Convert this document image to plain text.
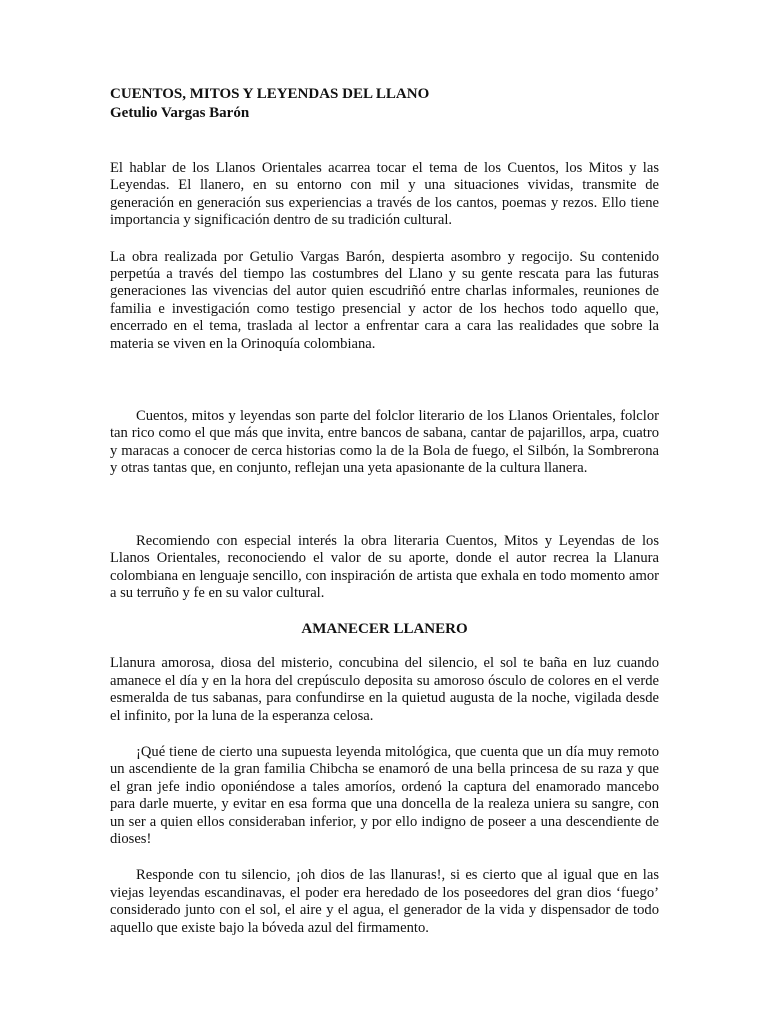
CUENTOS, MITOS Y LEYENDAS DEL LLANO

Getulio Vargas Barón

El hablar de los Llanos Orientales acarrea tocar el tema de los Cuentos, los Mitos y las Leyendas. El llanero, en su entorno con mil y una situaciones vividas, transmite de generación en generación sus experiencias a través de los cantos, poemas y rezos. Ello tiene importancia y significación dentro de su tradición cultural.

La obra realizada por Getulio Vargas Barón, despierta asombro y regocijo. Su contenido perpetúa a través del tiempo las costumbres del Llano y su gente rescata para las futuras generaciones las vivencias del autor quien escudriñó entre charlas informales, reuniones de familia e investigación como testigo presencial y actor de los hechos todo aquello que, encerrado en el tema, traslada al lector a enfrentar cara a cara las realidades que sobre la materia se viven en la Orinoquía colombiana.

Cuentos, mitos y leyendas son parte del folclor literario de los Llanos Orientales, folclor tan rico como el que más que invita, entre bancos de sabana, cantar de pajarillos, arpa, cuatro y maracas a conocer de cerca historias como la de la Bola de fuego, el Silbón, la Sombrerona y otras tantas que, en conjunto, reflejan una yeta apasionante de la cultura llanera.

Recomiendo con especial interés la obra literaria Cuentos, Mitos y Leyendas de los Llanos Orientales, reconociendo el valor de su aporte, donde el autor recrea la Llanura colombiana en lenguaje sencillo, con inspiración de artista que exhala en todo momento amor a su terruño y fe en su valor cultural.

AMANECER LLANERO

Llanura amorosa, diosa del misterio, concubina del silencio, el sol te baña en luz cuando amanece el día y en la hora del crepúsculo deposita su amoroso ósculo de colores en el verde esmeralda de tus sabanas, para confundirse en la quietud augusta de la noche, vigilada desde el infinito, por la luna de la esperanza celosa.

¡Qué tiene de cierto una supuesta leyenda mitológica, que cuenta que un día muy remoto un ascendiente de la gran familia Chibcha se enamoró de una bella princesa de su raza y que el gran jefe indio oponiéndose a tales amoríos, ordenó la captura del enamorado mancebo para darle muerte, y evitar en esa forma que una doncella de la realeza uniera su sangre, con un ser a quien ellos consideraban inferior, y por ello indigno de poseer a una descendiente de dioses!

Responde con tu silencio, ¡oh dios de las llanuras!, si es cierto que al igual que en las viejas leyendas escandinavas, el poder era heredado de los poseedores del gran dios ‘fuego’ considerado junto con el sol, el aire y el agua, el generador de la vida y dispensador de todo aquello que existe bajo la bóveda azul del firmamento.
